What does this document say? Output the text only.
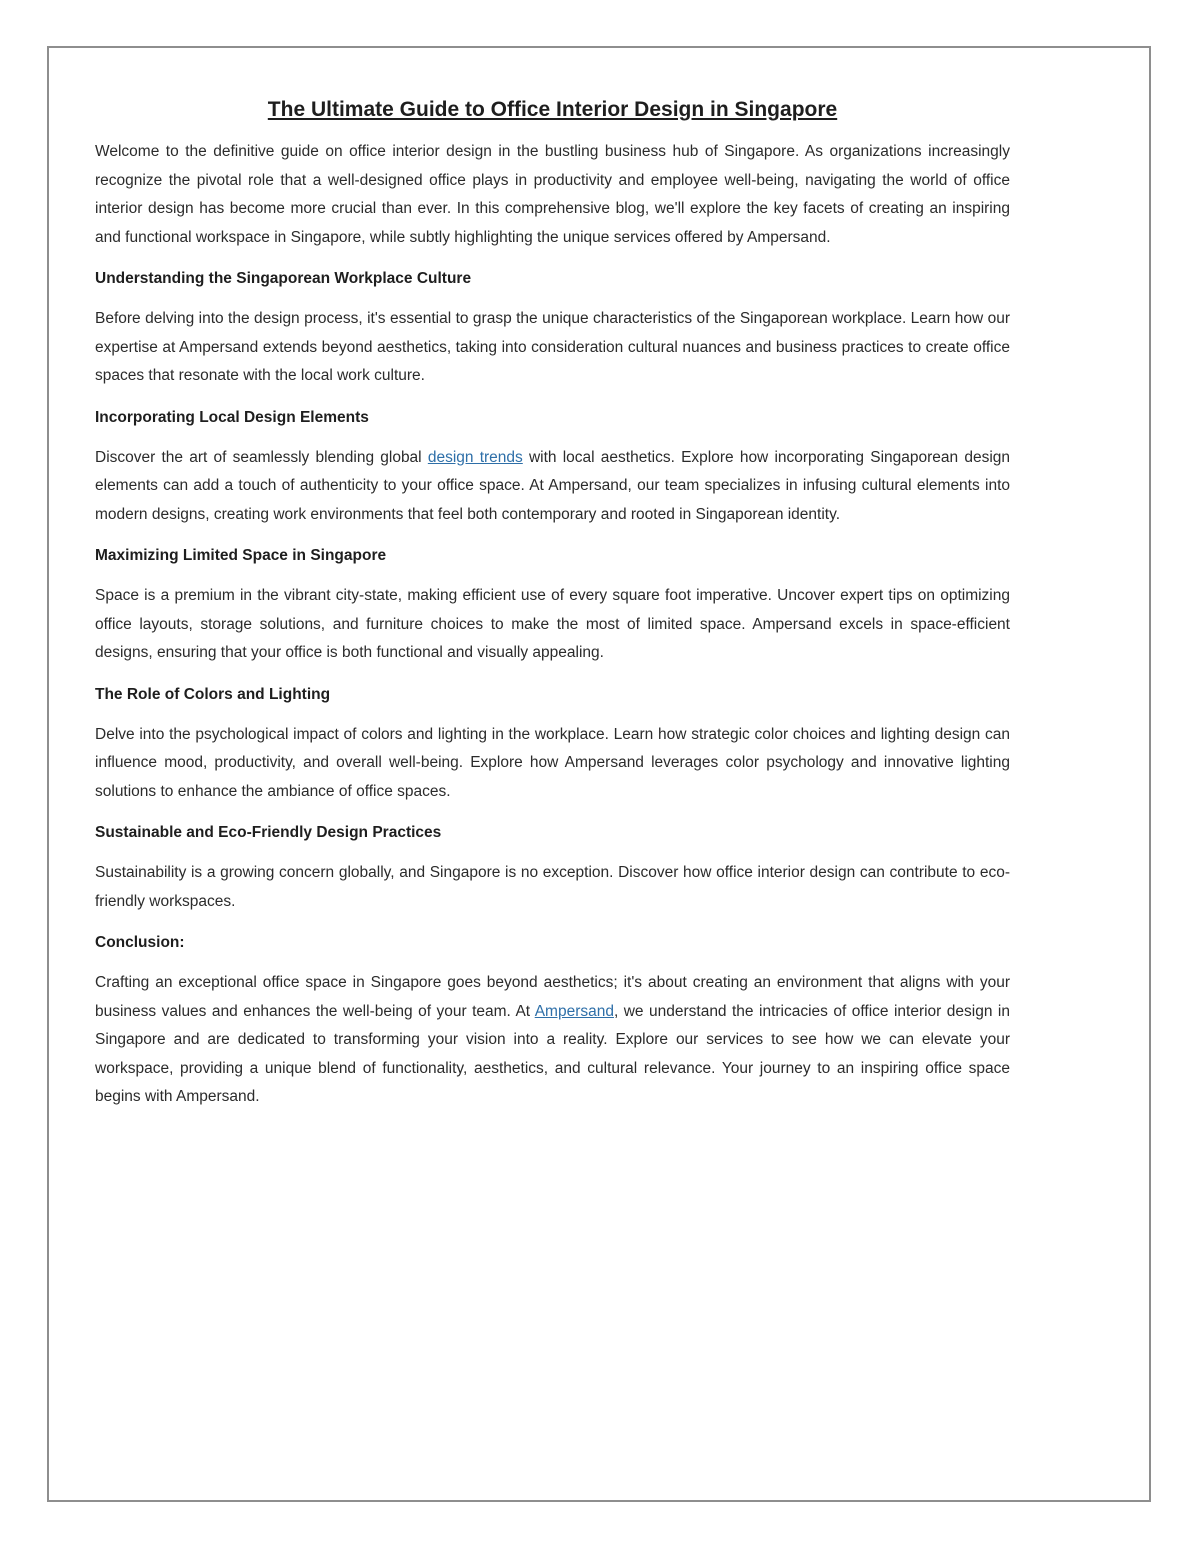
The Ultimate Guide to Office Interior Design in Singapore

Welcome to the definitive guide on office interior design in the bustling business hub of Singapore. As organizations increasingly recognize the pivotal role that a well-designed office plays in productivity and employee well-being, navigating the world of office interior design has become more crucial than ever. In this comprehensive blog, we'll explore the key facets of creating an inspiring and functional workspace in Singapore, while subtly highlighting the unique services offered by Ampersand.

Understanding the Singaporean Workplace Culture

Before delving into the design process, it's essential to grasp the unique characteristics of the Singaporean workplace. Learn how our expertise at Ampersand extends beyond aesthetics, taking into consideration cultural nuances and business practices to create office spaces that resonate with the local work culture.

Incorporating Local Design Elements

Discover the art of seamlessly blending global design trends with local aesthetics. Explore how incorporating Singaporean design elements can add a touch of authenticity to your office space. At Ampersand, our team specializes in infusing cultural elements into modern designs, creating work environments that feel both contemporary and rooted in Singaporean identity.

Maximizing Limited Space in Singapore

Space is a premium in the vibrant city-state, making efficient use of every square foot imperative. Uncover expert tips on optimizing office layouts, storage solutions, and furniture choices to make the most of limited space. Ampersand excels in space-efficient designs, ensuring that your office is both functional and visually appealing.

The Role of Colors and Lighting

Delve into the psychological impact of colors and lighting in the workplace. Learn how strategic color choices and lighting design can influence mood, productivity, and overall well-being. Explore how Ampersand leverages color psychology and innovative lighting solutions to enhance the ambiance of office spaces.

Sustainable and Eco-Friendly Design Practices

Sustainability is a growing concern globally, and Singapore is no exception. Discover how office interior design can contribute to eco-friendly workspaces.

Conclusion:

Crafting an exceptional office space in Singapore goes beyond aesthetics; it's about creating an environment that aligns with your business values and enhances the well-being of your team. At Ampersand, we understand the intricacies of office interior design in Singapore and are dedicated to transforming your vision into a reality. Explore our services to see how we can elevate your workspace, providing a unique blend of functionality, aesthetics, and cultural relevance. Your journey to an inspiring office space begins with Ampersand.
